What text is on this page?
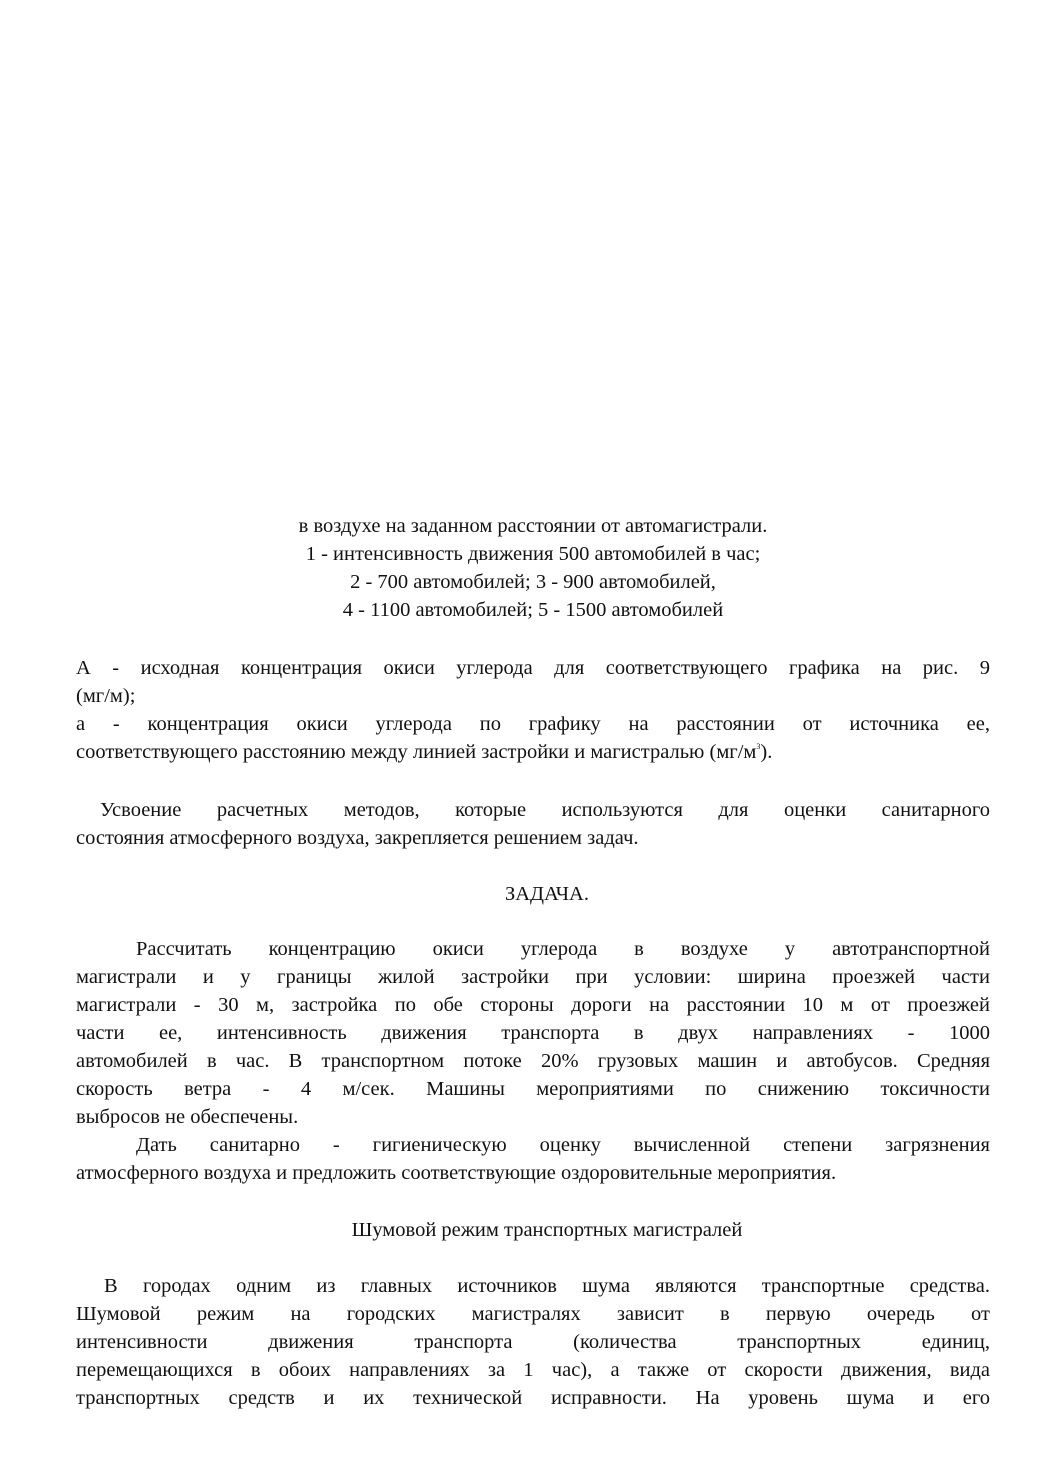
в воздухе на заданном расстоянии от автомагистрали.
1 - интенсивность движения 500 автомобилей в час;
2 - 700 автомобилей; 3 - 900 автомобилей,
4 - 1100 автомобилей; 5 - 1500 автомобилей
А - исходная концентрация окиси углерода для соответствующего графика на рис. 9
(мг/м);
а - концентрация окиси углерода по графику на расстоянии от источника ее,
соответствующего расстоянию между линией застройки и магистралью $(мг/м^3)$.
Усвоение расчетных методов, которые используются для оценки санитарного
состояния атмосферного воздуха, закрепляется решением задач.
ЗАДАЧА.
Рассчитать концентрацию окиси углерода в воздухе у автотранспортной
магистрали и у границы жилой застройки при условии: ширина проезжей части
магистрали - 30 м, застройка по обе стороны дороги на расстоянии 10 м от проезжей
части ее, интенсивность движения транспорта в двух направлениях - 1000
автомобилей в час. В транспортном потоке 20% грузовых машин и автобусов. Средняя
скорость ветра - 4 м/сек. Машины мероприятиями по снижению токсичности
выбросов не обеспечены.
Дать санитарно - гигиеническую оценку вычисленной степени загрязнения
атмосферного воздуха и предложить соответствующие оздоровительные мероприятия.
Шумовой режим транспортных магистралей
В городах одним из главных источников шума являются транспортные средства.
Шумовой режим на городских магистралях зависит в первую очередь от
интенсивности движения транспорта (количества транспортных единиц,
перемещающихся в обоих направлениях за 1 час), а также от скорости движения, вида
транспортных средств и их технической исправности. На уровень шума и его
